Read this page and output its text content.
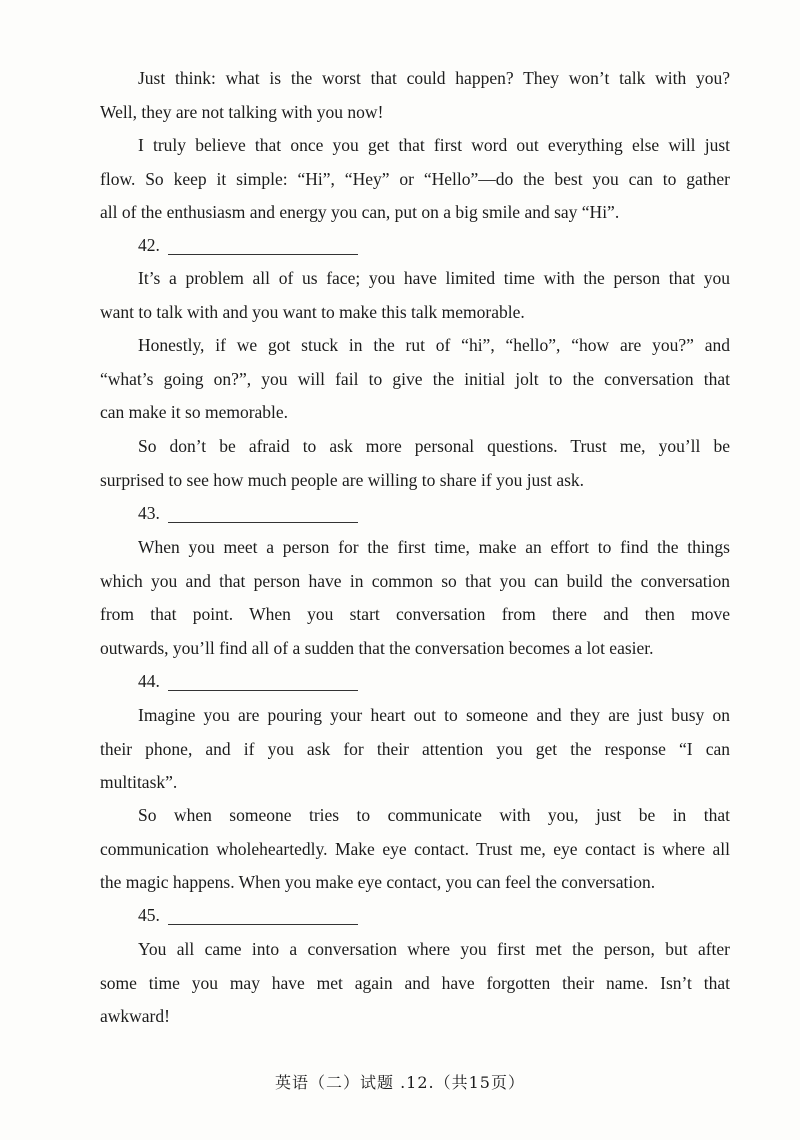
Just think: what is the worst that could happen? They won’t talk with you?
Well, they are not talking with you now!
I truly believe that once you get that first word out everything else will just
flow. So keep it simple: “Hi”, “Hey” or “Hello”—do the best you can to gather
all of the enthusiasm and energy you can, put on a big smile and say “Hi”.
42.
It’s a problem all of us face; you have limited time with the person that you
want to talk with and you want to make this talk memorable.
Honestly, if we got stuck in the rut of “hi”, “hello”, “how are you?” and
“what’s going on?”, you will fail to give the initial jolt to the conversation that
can make it so memorable.
So don’t be afraid to ask more personal questions. Trust me, you’ll be
surprised to see how much people are willing to share if you just ask.
43.
When you meet a person for the first time, make an effort to find the things
which you and that person have in common so that you can build the conversation
from that point. When you start conversation from there and then move
outwards, you’ll find all of a sudden that the conversation becomes a lot easier.
44.
Imagine you are pouring your heart out to someone and they are just busy on
their phone, and if you ask for their attention you get the response “I can
multitask”.
So when someone tries to communicate with you, just be in that
communication wholeheartedly. Make eye contact. Trust me, eye contact is where all
the magic happens. When you make eye contact, you can feel the conversation.
45.
You all came into a conversation where you first met the person, but after
some time you may have met again and have forgotten their name. Isn’t that
awkward!
英语（二）试题 .12.（共15页）
